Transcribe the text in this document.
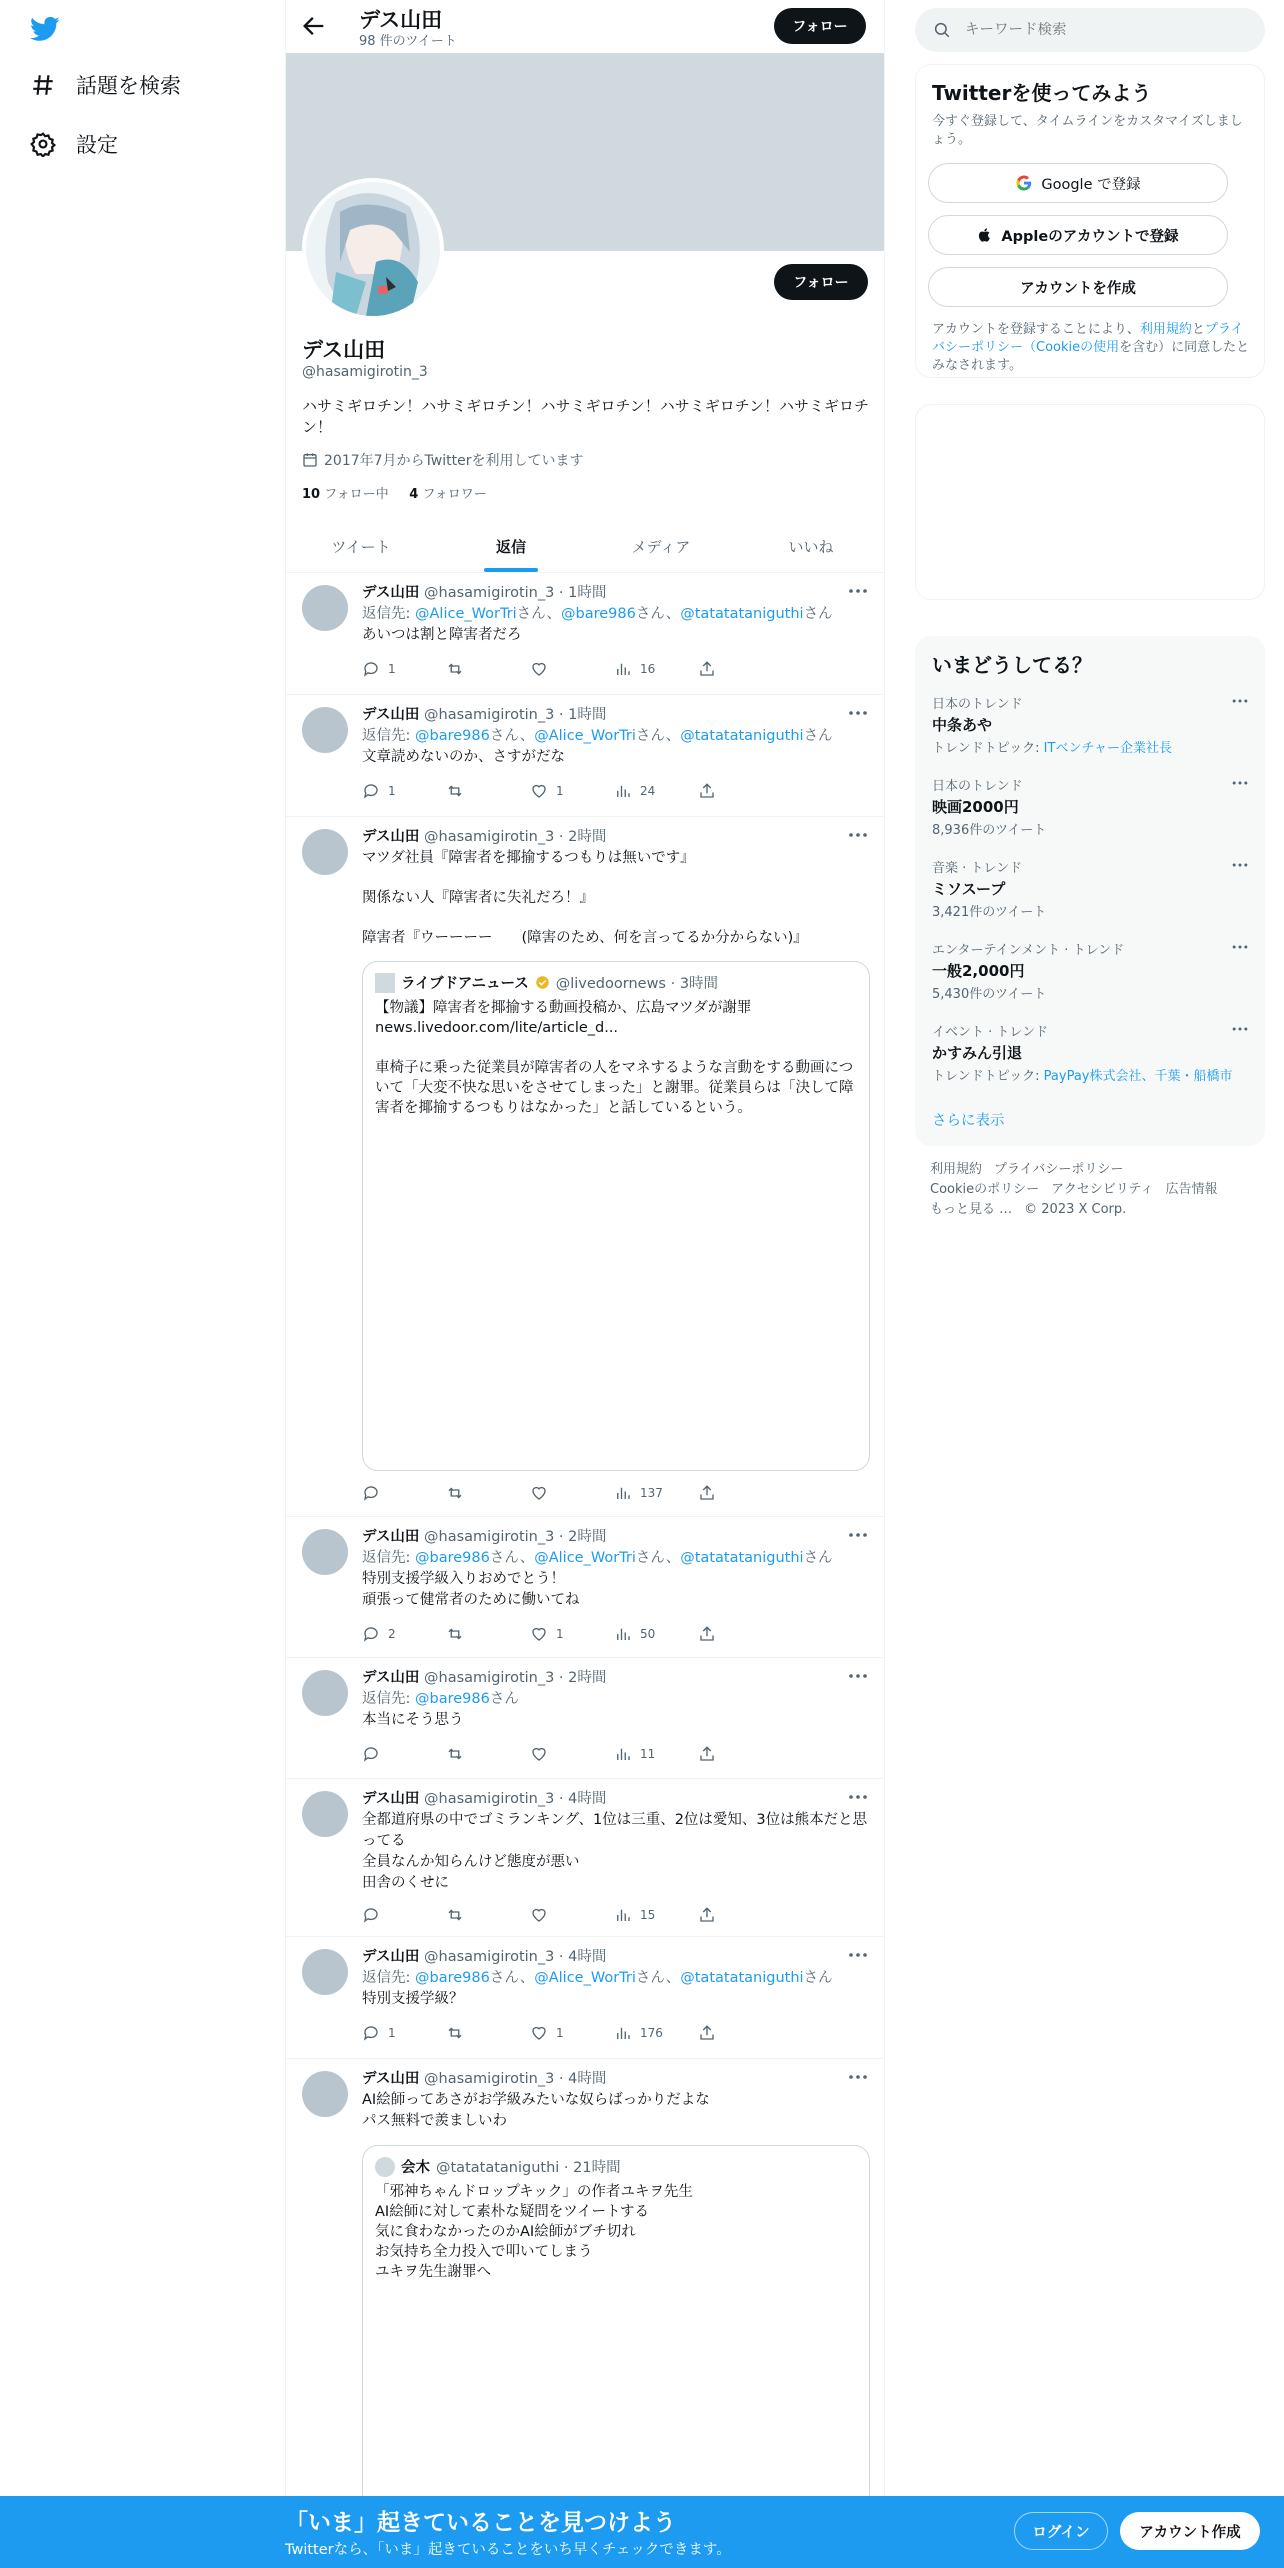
話題を検索
設定
デス山田
98 件のツイート
フォロー
フォロー
デス山田
@hasamigirotin_3
ハサミギロチン！ハサミギロチン！ハサミギロチン！ハサミギロチン！ハサミギロチン！
2017年7月からTwitterを利用しています
10 フォロー中 4 フォロワー
ツイート	返信	メディア	いいね
デス山田 @hasamigirotin_3 · 1時間
返信先: @Alice_WorTriさん、@bare986さん、@tatatataniguthiさん
あいつは割と障害者だろ
1	16
デス山田 @hasamigirotin_3 · 1時間
返信先: @bare986さん、@Alice_WorTriさん、@tatatataniguthiさん
文章読めないのか、さすがだな
1	1	24
デス山田 @hasamigirotin_3 · 2時間
マツダ社員『障害者を揶揄するつもりは無いです』
関係ない人『障害者に失礼だろ！』
障害者『ウーーーー　　(障害のため、何を言ってるか分からない)』
ライブドアニュース @livedoornews · 3時間
【物議】障害者を揶揄する動画投稿か、広島マツダが謝罪
news.livedoor.com/lite/article_d...
車椅子に乗った従業員が障害者の人をマネするような言動をする動画について「大変不快な思いをさせてしまった」と謝罪。従業員らは「決して障害者を揶揄するつもりはなかった」と話しているという。
137
デス山田 @hasamigirotin_3 · 2時間
返信先: @bare986さん、@Alice_WorTriさん、@tatatataniguthiさん
特別支援学級入りおめでとう！
頑張って健常者のために働いてね
2	1	50
デス山田 @hasamigirotin_3 · 2時間
返信先: @bare986さん
本当にそう思う
11
デス山田 @hasamigirotin_3 · 4時間
全都道府県の中でゴミランキング、1位は三重、2位は愛知、3位は熊本だと思ってる
全員なんか知らんけど態度が悪い
田舎のくせに
15
デス山田 @hasamigirotin_3 · 4時間
返信先: @bare986さん、@Alice_WorTriさん、@tatatataniguthiさん
特別支援学級？
1	1	176
デス山田 @hasamigirotin_3 · 4時間
AI絵師ってあさがお学級みたいな奴らばっかりだよな
パス無料で羨ましいわ
会木 @tatatataniguthi · 21時間
「邪神ちゃんドロップキック」の作者ユキヲ先生
AI絵師に対して素朴な疑問をツイートする
気に食わなかったのかAI絵師がブチ切れ
お気持ち全力投入で叩いてしまう
ユキヲ先生謝罪へ
キーワード検索
Twitterを使ってみよう
今すぐ登録して、タイムラインをカスタマイズしましょう。
Google で登録
Appleのアカウントで登録
アカウントを作成
アカウントを登録することにより、利用規約とプライバシーポリシー（Cookieの使用を含む）に同意したとみなされます。
いまどうしてる？
日本のトレンド
中条あや
トレンドトピック: ITベンチャー企業社長
日本のトレンド
映画2000円
8,936件のツイート
音楽 · トレンド
ミソスープ
3,421件のツイート
エンターテインメント · トレンド
一般2,000円
5,430件のツイート
イベント · トレンド
かすみん引退
トレンドトピック: PayPay株式会社、千葉・船橋市
さらに表示
利用規約 プライバシーポリシー
Cookieのポリシー アクセシビリティ 広告情報
もっと見る … © 2023 X Corp.
「いま」起きていることを見つけよう
Twitterなら、「いま」起きていることをいち早くチェックできます。
ログイン	アカウント作成
